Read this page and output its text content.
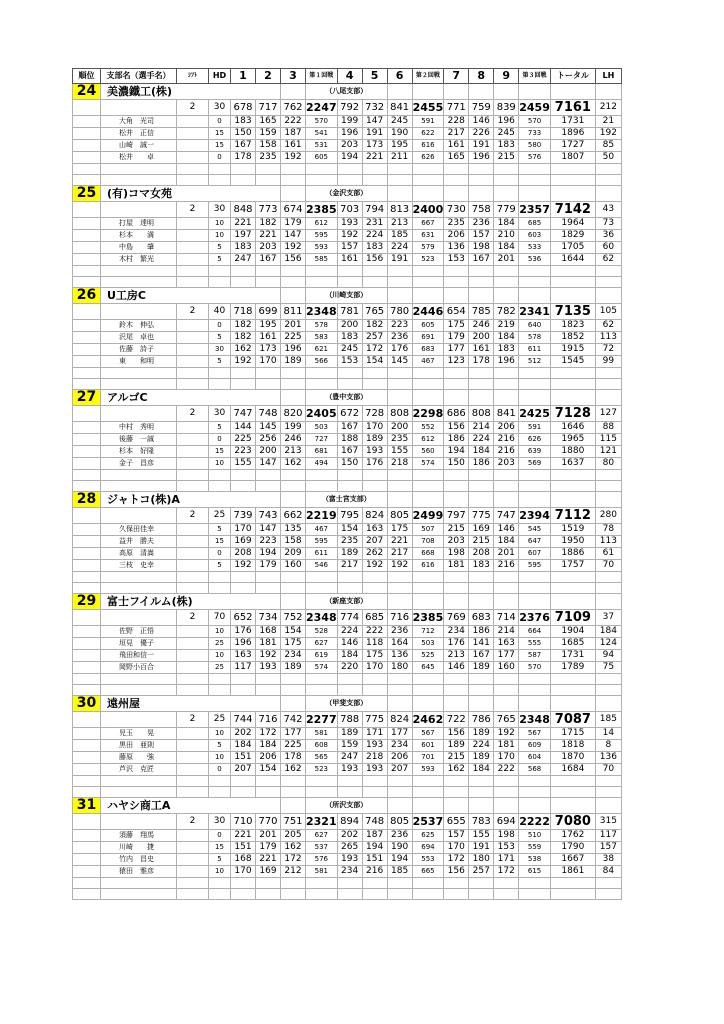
順位	支部名（選手名）	ｼﾌﾄ	HD	1	2	3	第１回戦	4	5	6	第２回戦	7	8	9	第３回戦	トータル	LH
24	美濃鐵工(株)						（八尾支部）										
		2	30	678	717	762	2247	792	732	841	2455	771	759	839	2459	7161	212
	大角　光司		0	183	165	222	570	199	147	245	591	228	146	196	570	1731	21
	松井　正信		15	150	159	187	541	196	191	190	622	217	226	245	733	1896	192
	山崎　誠一		15	167	158	161	531	203	173	195	616	161	191	183	580	1727	85
	松井　　卓		0	178	235	192	605	194	221	211	626	165	196	215	576	1807	50

25	(有)コマ女苑						（金沢支部）										
		2	30	848	773	674	2385	703	794	813	2400	730	758	779	2357	7142	43
	打屋　達明		10	221	182	179	612	193	231	213	667	235	236	184	685	1964	73
	杉本　　満		10	197	221	147	595	192	224	185	631	206	157	210	603	1829	36
	中島　　肇		5	183	203	192	593	157	183	224	579	136	198	184	533	1705	60
	木村　繁光		5	247	167	156	585	161	156	191	523	153	167	201	536	1644	62

26	U工房C						（川崎支部）										
		2	40	718	699	811	2348	781	765	780	2446	654	785	782	2341	7135	105
	鈴木　伸弘		0	182	195	201	578	200	182	223	605	175	246	219	640	1823	62
	沢尾　卓也		5	182	161	225	583	183	257	236	691	179	200	184	578	1852	113
	佐藤　詩子		30	162	173	196	621	245	172	176	683	177	161	183	611	1915	72
	東　　和明		5	192	170	189	566	153	154	145	467	123	178	196	512	1545	99

27	アルゴC						（豊中支部）										
		2	30	747	748	820	2405	672	728	808	2298	686	808	841	2425	7128	127
	中村　秀明		5	144	145	199	503	167	170	200	552	156	214	206	591	1646	88
	後藤　一誠		0	225	256	246	727	188	189	235	612	186	224	216	626	1965	115
	杉本　好隆		15	223	200	213	681	167	193	155	560	194	184	216	639	1880	121
	金子　昌彦		10	155	147	162	494	150	176	218	574	150	186	203	569	1637	80

28	ジャトコ(株)A						（富士宮支部）										
		2	25	739	743	662	2219	795	824	805	2499	797	775	747	2394	7112	280
	久保田佳幸		5	170	147	135	467	154	163	175	507	215	169	146	545	1519	78
	益井　勝夫		15	169	223	158	595	235	207	221	708	203	215	184	647	1950	113
	高原　清嵩		0	208	194	209	611	189	262	217	668	198	208	201	607	1886	61
	三枝　史幸		5	192	179	160	546	217	192	192	616	181	183	216	595	1757	70

29	富士フイルム(株)						（新座支部）										
		2	70	652	734	752	2348	774	685	716	2385	769	683	714	2376	7109	37
	佐野　正悟		10	176	168	154	528	224	222	236	712	234	186	214	664	1904	184
	垣見　優子		25	196	181	175	627	146	118	164	503	176	141	163	555	1685	124
	飛田和信一		10	163	192	234	619	184	175	136	525	213	167	177	587	1731	94
	岡野小百合		25	117	193	189	574	220	170	180	645	146	189	160	570	1789	75

30	遠州屋						（甲斐支部）										
		2	25	744	716	742	2277	788	775	824	2462	722	786	765	2348	7087	185
	児玉　　晃		10	202	172	177	581	189	171	177	567	156	189	192	567	1715	14
	黒田　亜則		5	184	184	225	608	159	193	234	601	189	224	181	609	1818	8
	藤原　　強		10	151	206	178	565	247	218	206	701	215	189	170	604	1870	136
	芦沢　克匠		0	207	154	162	523	193	193	207	593	162	184	222	568	1684	70

31	ハヤシ商工A						（所沢支部）										
		2	30	710	770	751	2321	894	748	805	2537	655	783	694	2222	7080	315
	須藤　翔馬		0	221	201	205	627	202	187	236	625	157	155	198	510	1762	117
	川崎　　捷		15	151	179	162	537	265	194	190	694	170	191	153	559	1790	157
	竹内　昌史		5	168	221	172	576	193	151	194	553	172	180	171	538	1667	38
	猿田　雅彦		10	170	169	212	581	234	216	185	665	156	257	172	615	1861	84
